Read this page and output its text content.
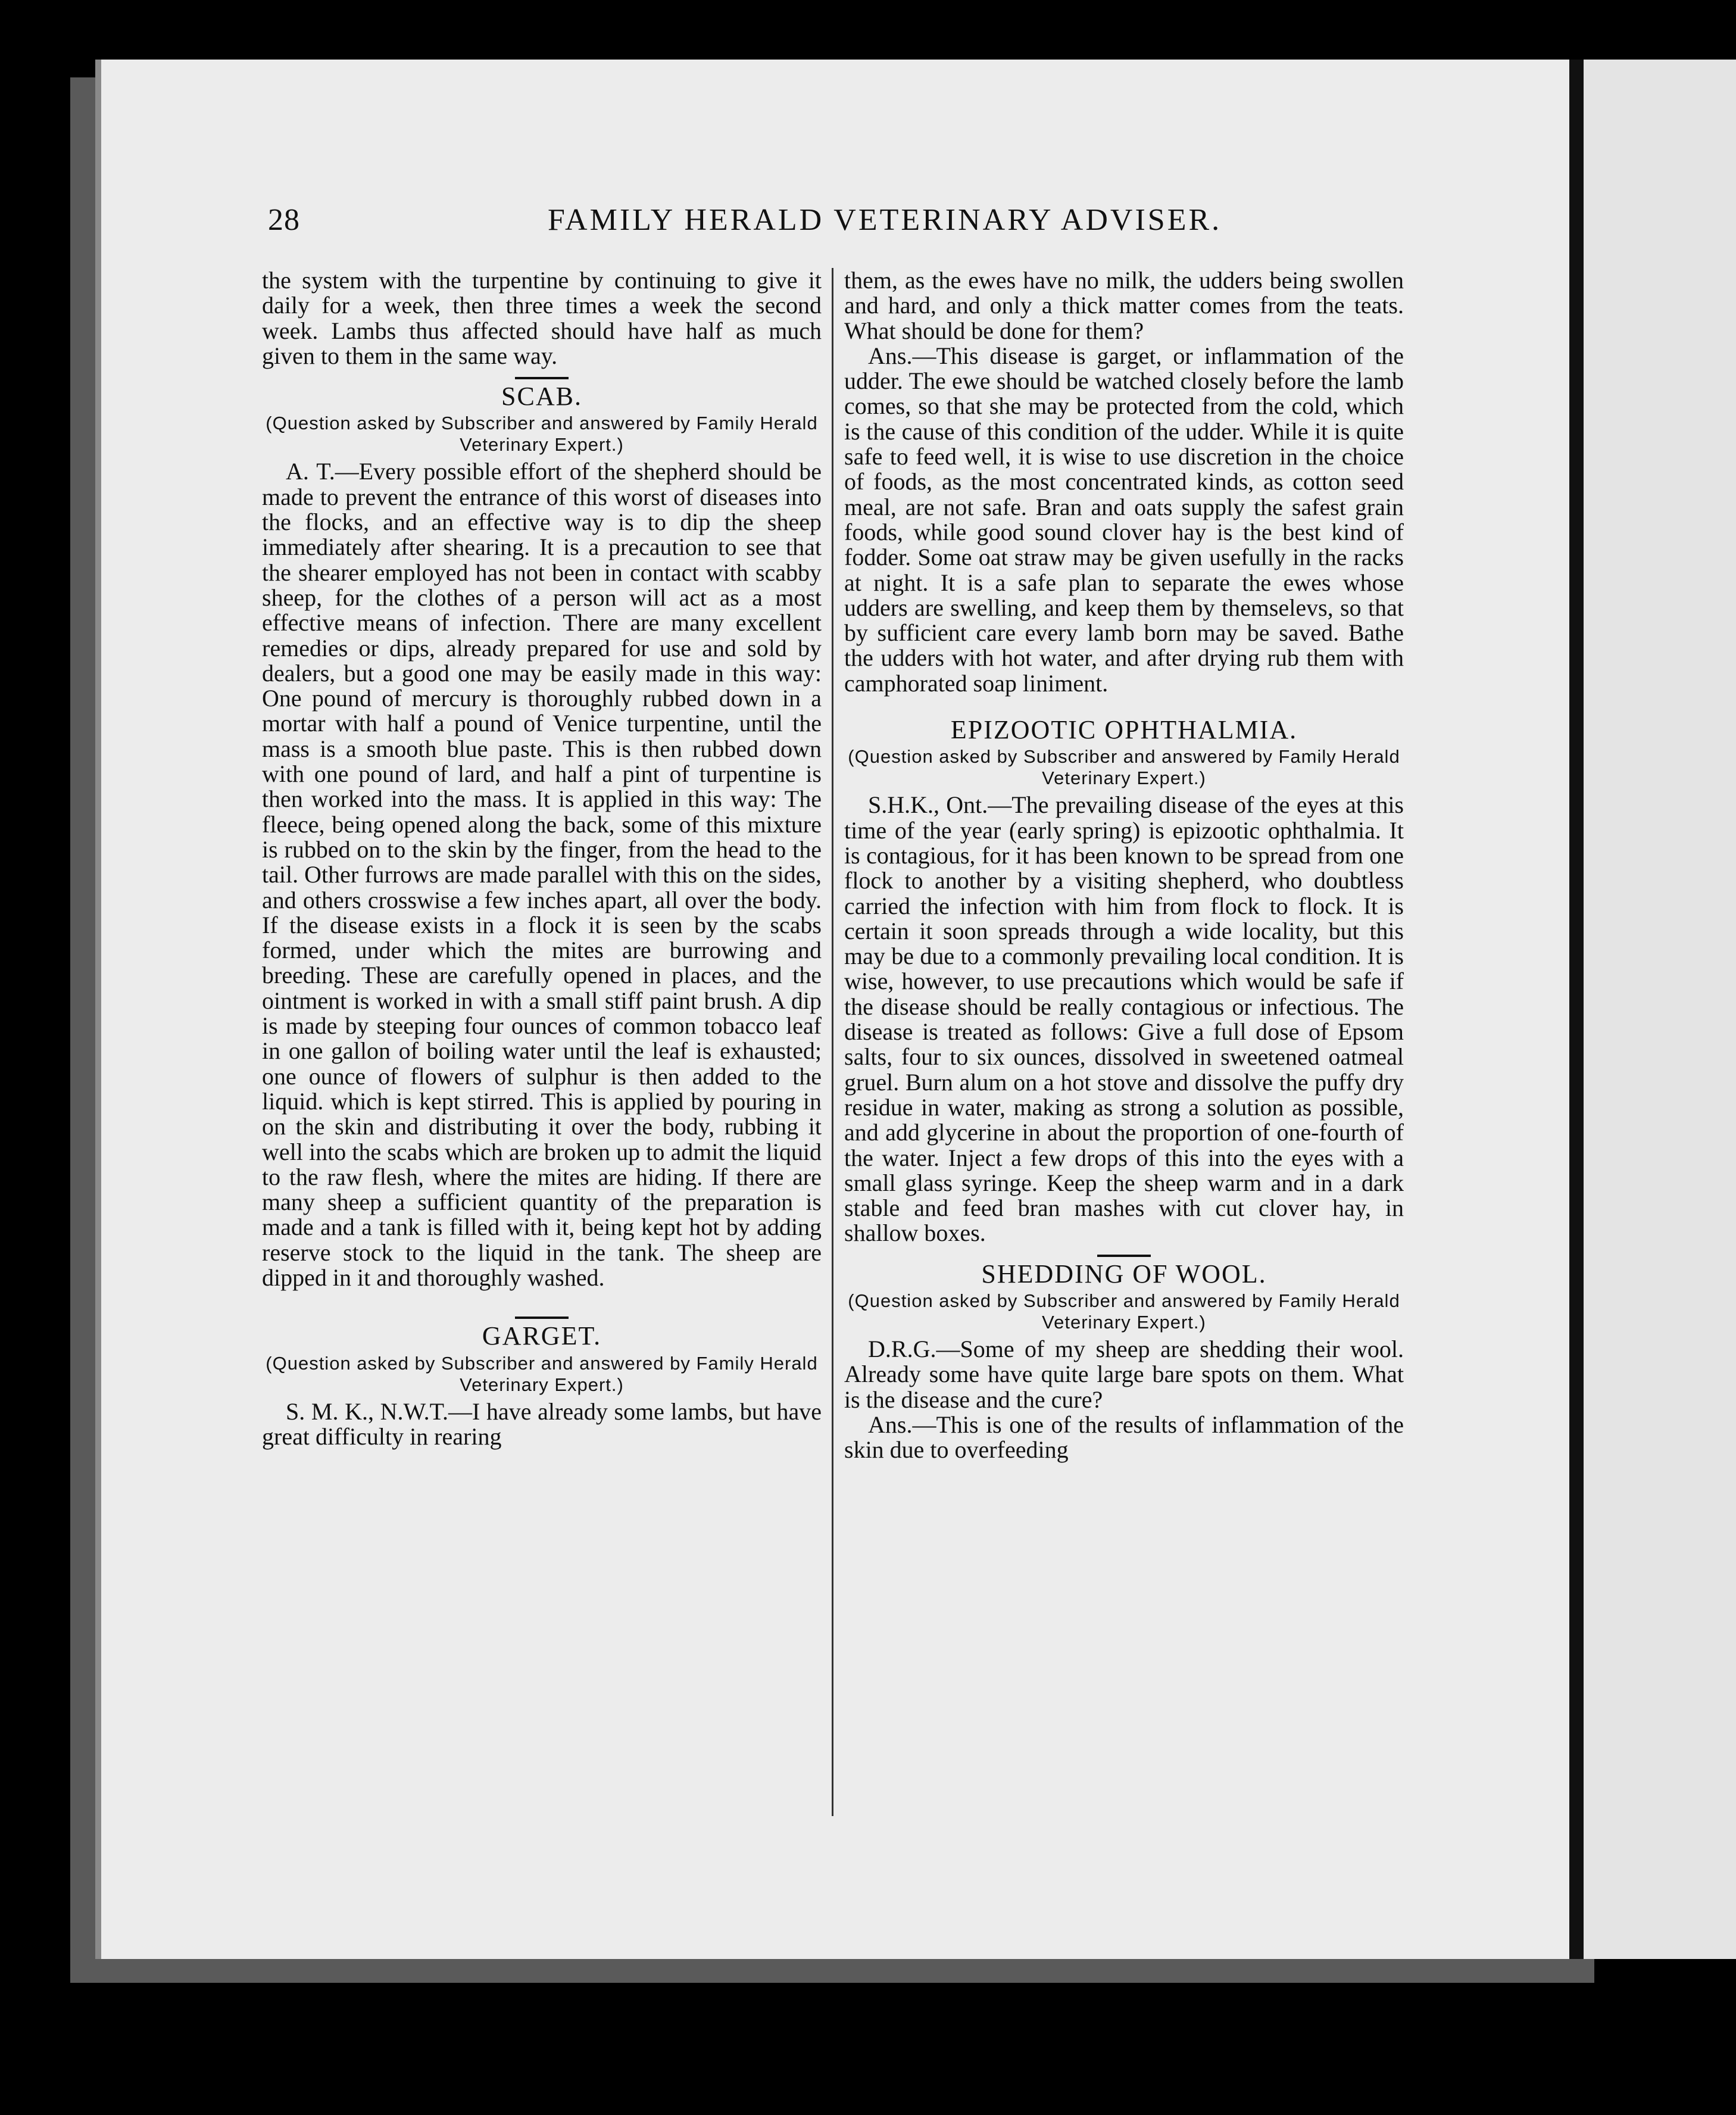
28	FAMILY HERALD VETERINARY ADVISER.

the system with the turpentine by continuing to give it daily for a week, then three times a week the second week. Lambs thus affected should have half as much given to them in the same way.

SCAB.
(Question asked by Subscriber and answered by Family Herald Veterinary Expert.)

A. T.—Every possible effort of the shepherd should be made to prevent the entrance of this worst of diseases into the flocks, and an effective way is to dip the sheep immediately after shearing. It is a precaution to see that the shearer employed has not been in contact with scabby sheep, for the clothes of a person will act as a most effective means of infection. There are many excellent remedies or dips, already prepared for use and sold by dealers, but a good one may be easily made in this way: One pound of mercury is thoroughly rubbed down in a mortar with half a pound of Venice turpentine, until the mass is a smooth blue paste. This is then rubbed down with one pound of lard, and half a pint of turpentine is then worked into the mass. It is applied in this way: The fleece, being opened along the back, some of this mixture is rubbed on to the skin by the finger, from the head to the tail. Other furrows are made parallel with this on the sides, and others crosswise a few inches apart, all over the body. If the disease exists in a flock it is seen by the scabs formed, under which the mites are burrowing and breeding. These are carefully opened in places, and the ointment is worked in with a small stiff paint brush. A dip is made by steeping four ounces of common tobacco leaf in one gallon of boiling water until the leaf is exhausted; one ounce of flowers of sulphur is then added to the liquid. which is kept stirred. This is applied by pouring in on the skin and distributing it over the body, rubbing it well into the scabs which are broken up to admit the liquid to the raw flesh, where the mites are hiding. If there are many sheep a sufficient quantity of the preparation is made and a tank is filled with it, being kept hot by adding reserve stock to the liquid in the tank. The sheep are dipped in it and thoroughly washed.

GARGET.
(Question asked by Subscriber and answered by Family Herald Veterinary Expert.)

S. M. K., N.W.T.—I have already some lambs, but have great difficulty in rearing

them, as the ewes have no milk, the udders being swollen and hard, and only a thick matter comes from the teats. What should be done for them?

Ans.—This disease is garget, or inflammation of the udder. The ewe should be watched closely before the lamb comes, so that she may be protected from the cold, which is the cause of this condition of the udder. While it is quite safe to feed well, it is wise to use discretion in the choice of foods, as the most concentrated kinds, as cotton seed meal, are not safe. Bran and oats supply the safest grain foods, while good sound clover hay is the best kind of fodder. Some oat straw may be given usefully in the racks at night. It is a safe plan to separate the ewes whose udders are swelling, and keep them by themselevs, so that by sufficient care every lamb born may be saved. Bathe the udders with hot water, and after drying rub them with camphorated soap liniment.

EPIZOOTIC OPHTHALMIA.
(Question asked by Subscriber and answered by Family Herald Veterinary Expert.)

S.H.K., Ont.—The prevailing disease of the eyes at this time of the year (early spring) is epizootic ophthalmia. It is contagious, for it has been known to be spread from one flock to another by a visiting shepherd, who doubtless carried the infection with him from flock to flock. It is certain it soon spreads through a wide locality, but this may be due to a commonly prevailing local condition. It is wise, however, to use precautions which would be safe if the disease should be really contagious or infectious. The disease is treated as follows: Give a full dose of Epsom salts, four to six ounces, dissolved in sweetened oatmeal gruel. Burn alum on a hot stove and dissolve the puffy dry residue in water, making as strong a solution as possible, and add glycerine in about the proportion of one-fourth of the water. Inject a few drops of this into the eyes with a small glass syringe. Keep the sheep warm and in a dark stable and feed bran mashes with cut clover hay, in shallow boxes.

SHEDDING OF WOOL.
(Question asked by Subscriber and answered by Family Herald Veterinary Expert.)

D.R.G.—Some of my sheep are shedding their wool. Already some have quite large bare spots on them. What is the disease and the cure?

Ans.—This is one of the results of inflammation of the skin due to overfeeding
